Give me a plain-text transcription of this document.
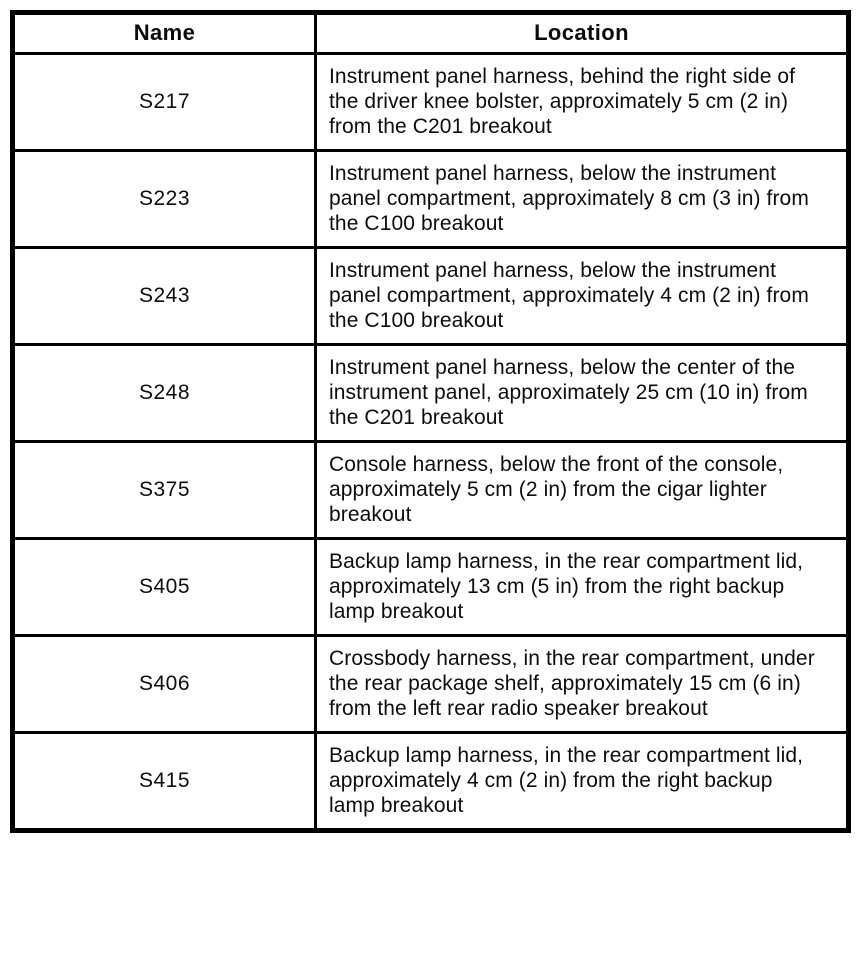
Name	Location
S217	Instrument panel harness, behind the right side of the driver knee bolster, approximately 5 cm (2 in) from the C201 breakout
S223	Instrument panel harness, below the instrument panel compartment, approximately 8 cm (3 in) from the C100 breakout
S243	Instrument panel harness, below the instrument panel compartment, approximately 4 cm (2 in) from the C100 breakout
S248	Instrument panel harness, below the center of the instrument panel, approximately 25 cm (10 in) from the C201 breakout
S375	Console harness, below the front of the console, approximately 5 cm (2 in) from the cigar lighter breakout
S405	Backup lamp harness, in the rear compartment lid, approximately 13 cm (5 in) from the right backup lamp breakout
S406	Crossbody harness, in the rear compartment, under the rear package shelf, approximately 15 cm (6 in) from the left rear radio speaker breakout
S415	Backup lamp harness, in the rear compartment lid, approximately 4 cm (2 in) from the right backup lamp breakout
